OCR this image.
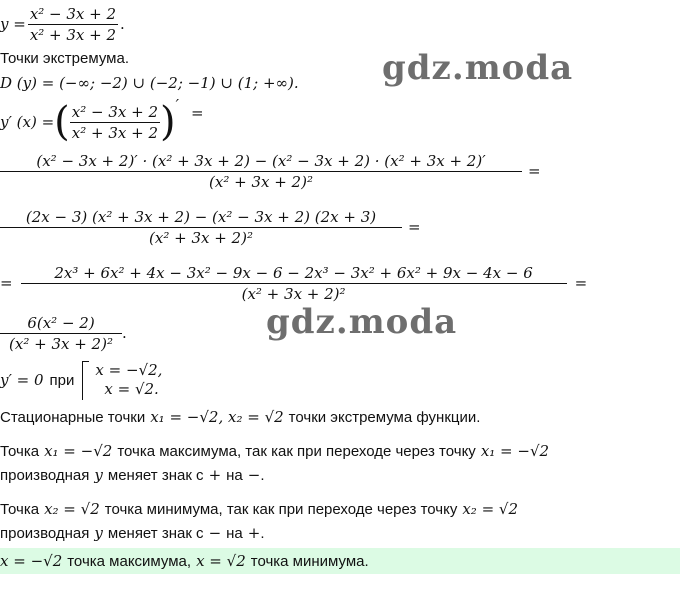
$y = \frac{\text{x² − 3x + 2}}{\text{x² + 3x + 2}}$ .
Точки экстремума.
D (y) = (−∞; −2) ∪ (−2; −1) ∪ (1; +∞). gdz.moda
y′ (x) = ( $\frac{\text{x² − 3x + 2}}{\text{x² + 3x + 2}}$ ) ′ =
(x² − 3x + 2)′ · (x² + 3x + 2) − (x² − 3x + 2) · (x² + 3x + 2)′
(x² + 3x + 2)²
=
$\frac{\text{(2x − 3) (x² + 3x + 2) − (x² − 3x + 2) (2x + 3)}}{\text{(x² + 3x + 2)²}}$ =
=
2x³ + 6x² + 4x − 3x² − 9x − 6 − 2x³ − 3x² + 6x² + 9x − 4x − 6
(x² + 3x + 2)²
=
gdz.moda
$\frac{\text{6(x² − 2)}}{\text{(x² + 3x + 2)²}}$ .
y′ = 0 при
x = −√2,
x = √2.
Стационарные точки x₁ = −√2, x₂ = √2 точки экстремума функции.
Точка x₁ = −√2 точка максимума, так как при переходе через точку x₁ = −√2
производная y меняет знак с + на − .
Точка x₂ = √2 точка минимума, так как при переходе через точку x₂ = √2
производная y меняет знак с − на + .
x = −√2 точка максимума, x = √2 точка минимума.
